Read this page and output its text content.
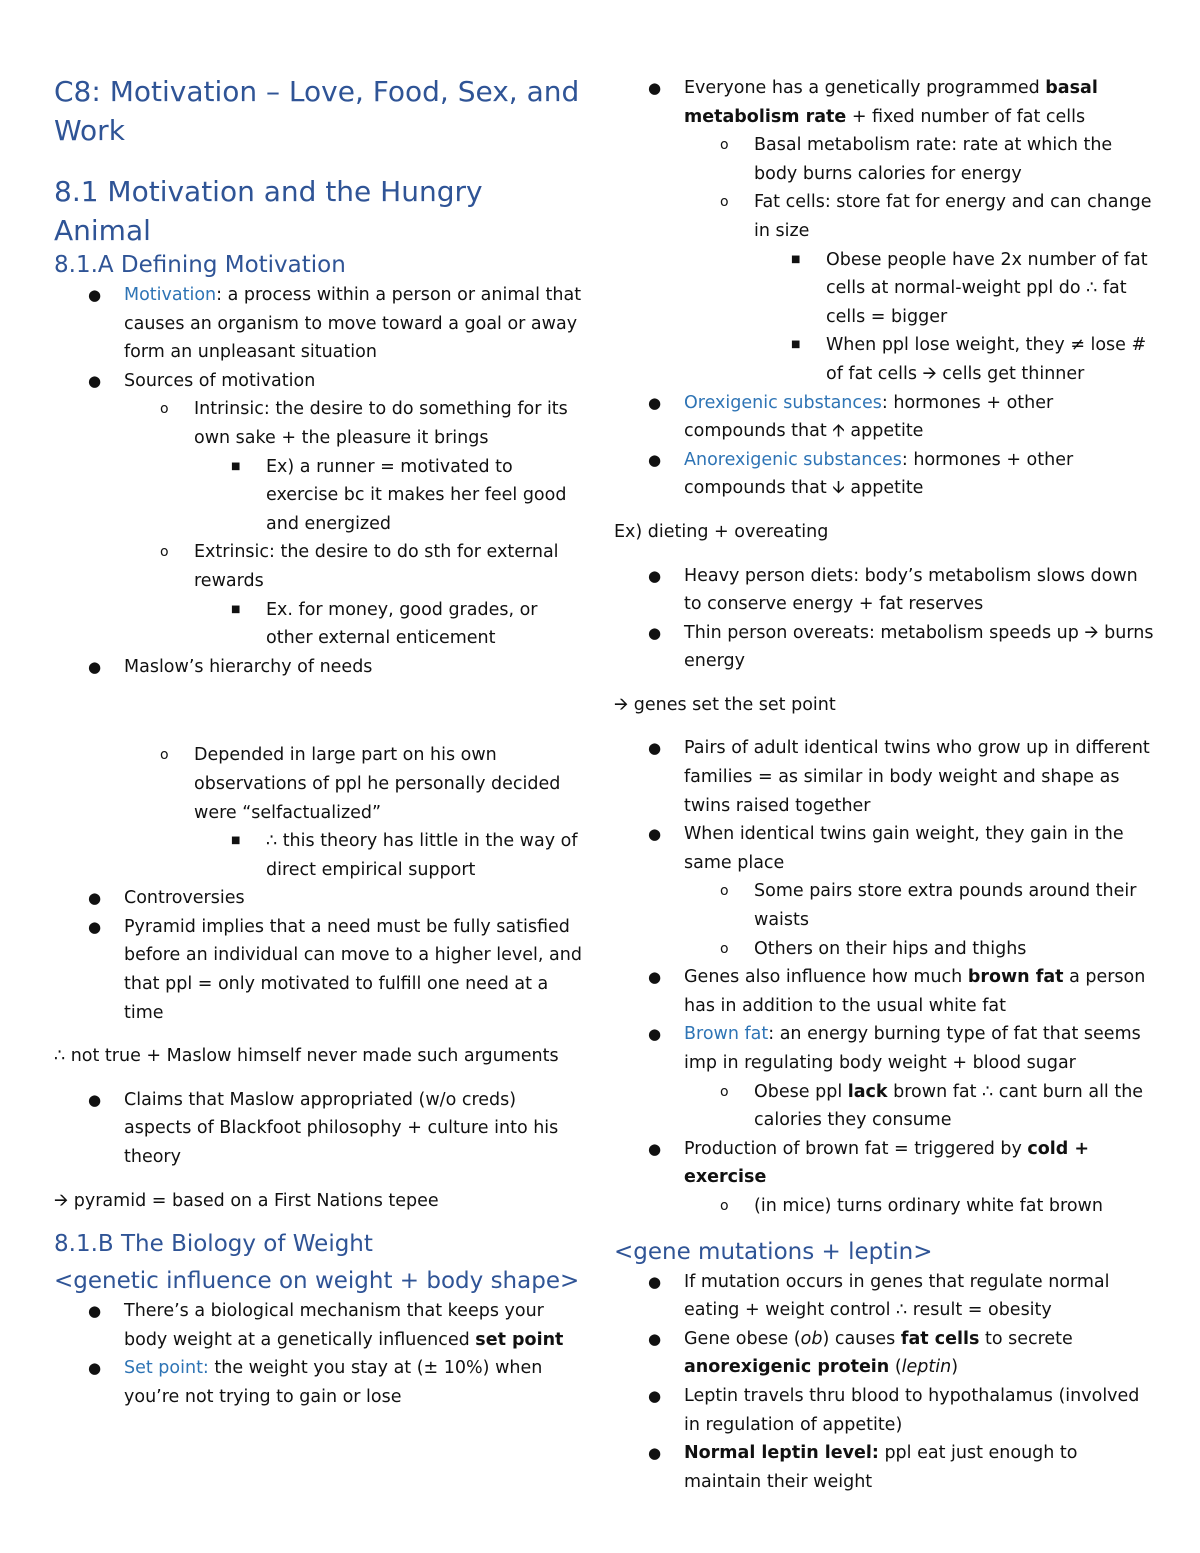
C8: Motivation – Love, Food, Sex, and Work
8.1 Motivation and the Hungry Animal
8.1.A Defining Motivation
● Motivation: a process within a person or animal that causes an organism to move toward a goal or away form an unpleasant situation
● Sources of motivation
o Intrinsic: the desire to do something for its own sake + the pleasure it brings
■ Ex) a runner = motivated to exercise bc it makes her feel good and energized
o Extrinsic: the desire to do sth for external rewards
■ Ex. for money, good grades, or other external enticement
● Maslow’s hierarchy of needs
o Depended in large part on his own observations of ppl he personally decided were “selfactualized”
■ ∴ this theory has little in the way of direct empirical support
● Controversies
● Pyramid implies that a need must be fully satisfied before an individual can move to a higher level, and that ppl = only motivated to fulfill one need at a time
∴ not true + Maslow himself never made such arguments
● Claims that Maslow appropriated (w/o creds) aspects of Blackfoot philosophy + culture into his theory
🡪 pyramid = based on a First Nations tepee
8.1.B The Biology of Weight
<genetic influence on weight + body shape>
● There’s a biological mechanism that keeps your body weight at a genetically influenced set point
● Set point: the weight you stay at (± 10%) when you’re not trying to gain or lose
● Everyone has a genetically programmed basal metabolism rate + fixed number of fat cells
o Basal metabolism rate: rate at which the body burns calories for energy
o Fat cells: store fat for energy and can change in size
■ Obese people have 2x number of fat cells at normal-weight ppl do ∴ fat cells = bigger
■ When ppl lose weight, they ≠ lose # of fat cells 🡪 cells get thinner
● Orexigenic substances: hormones + other compounds that 🡩 appetite
● Anorexigenic substances: hormones + other compounds that 🡫 appetite
Ex) dieting + overeating
● Heavy person diets: body’s metabolism slows down to conserve energy + fat reserves
● Thin person overeats: metabolism speeds up 🡪 burns energy
🡪 genes set the set point
● Pairs of adult identical twins who grow up in different families = as similar in body weight and shape as twins raised together
● When identical twins gain weight, they gain in the same place
o Some pairs store extra pounds around their waists
o Others on their hips and thighs
● Genes also influence how much brown fat a person has in addition to the usual white fat
● Brown fat: an energy burning type of fat that seems imp in regulating body weight + blood sugar
o Obese ppl lack brown fat ∴ cant burn all the calories they consume
● Production of brown fat = triggered by cold + exercise
o (in mice) turns ordinary white fat brown
<gene mutations + leptin>
● If mutation occurs in genes that regulate normal eating + weight control ∴ result = obesity
● Gene obese (ob) causes fat cells to secrete anorexigenic protein (leptin)
● Leptin travels thru blood to hypothalamus (involved in regulation of appetite)
● Normal leptin level: ppl eat just enough to maintain their weight
